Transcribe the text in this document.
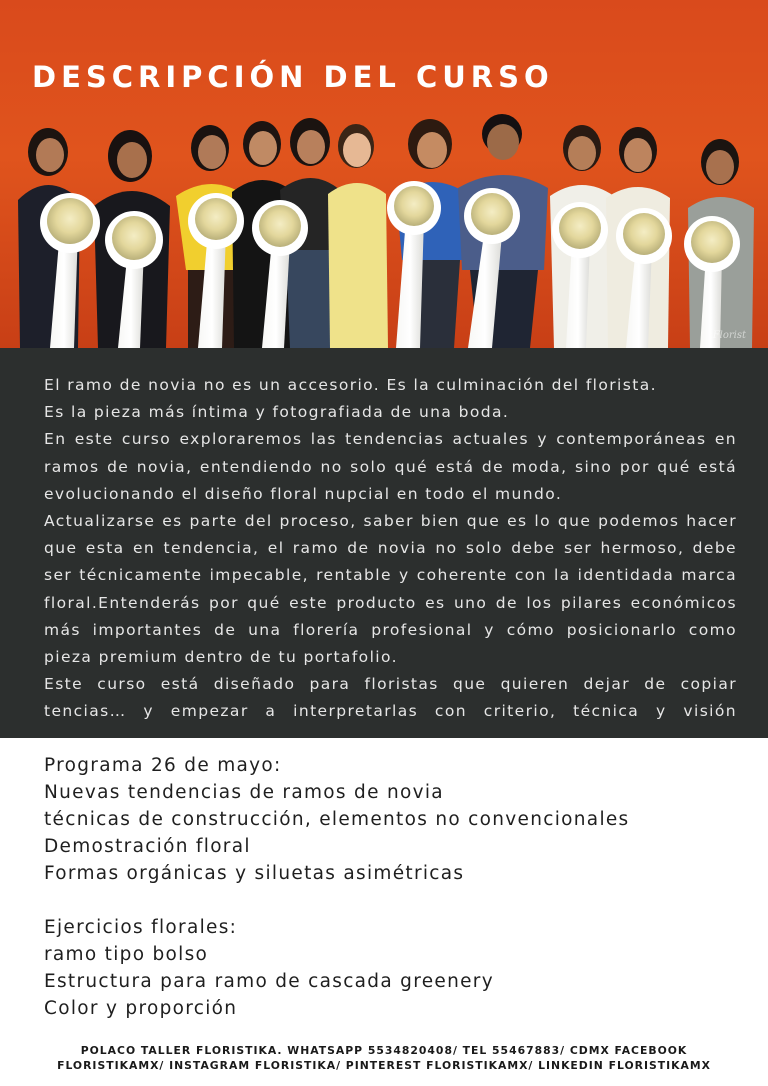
DESCRIPCIÓN DEL CURSO
Florist

El ramo de novia no es un accesorio. Es la culminación del florista.

Es la pieza más íntima y fotografiada de una boda.

En este curso exploraremos las tendencias actuales y contemporáneas en ramos de novia, entendiendo no solo qué está de moda, sino por qué está evolucionando el diseño floral nupcial en todo el mundo.

Actualizarse es parte del proceso, saber bien que es lo que podemos hacer que esta en tendencia, el ramo de novia no solo debe ser hermoso, debe ser técnicamente impecable, rentable y coherente con la identidada marca floral.Entenderás por qué este producto es uno de los pilares económicos más importantes de una florería profesional y cómo posicionarlo como pieza premium dentro de tu portafolio.

Este curso está diseñado para floristas que quieren dejar de copiar tencias… y empezar a interpretarlas con criterio, técnica y visión

Programa 26 de mayo:
Nuevas tendencias de ramos de novia
técnicas de construcción, elementos no convencionales
Demostración floral
Formas orgánicas y siluetas asimétricas
Ejercicios florales:
ramo tipo bolso
Estructura para ramo de cascada greenery
Color y proporción
POLACO TALLER FLORISTIKA. WHATSAPP 5534820408/ TEL 55467883/ CDMX FACEBOOK
FLORISTIKAMX/ INSTAGRAM FLORISTIKA/ PINTEREST FLORISTIKAMX/ LINKEDIN FLORISTIKAMX
